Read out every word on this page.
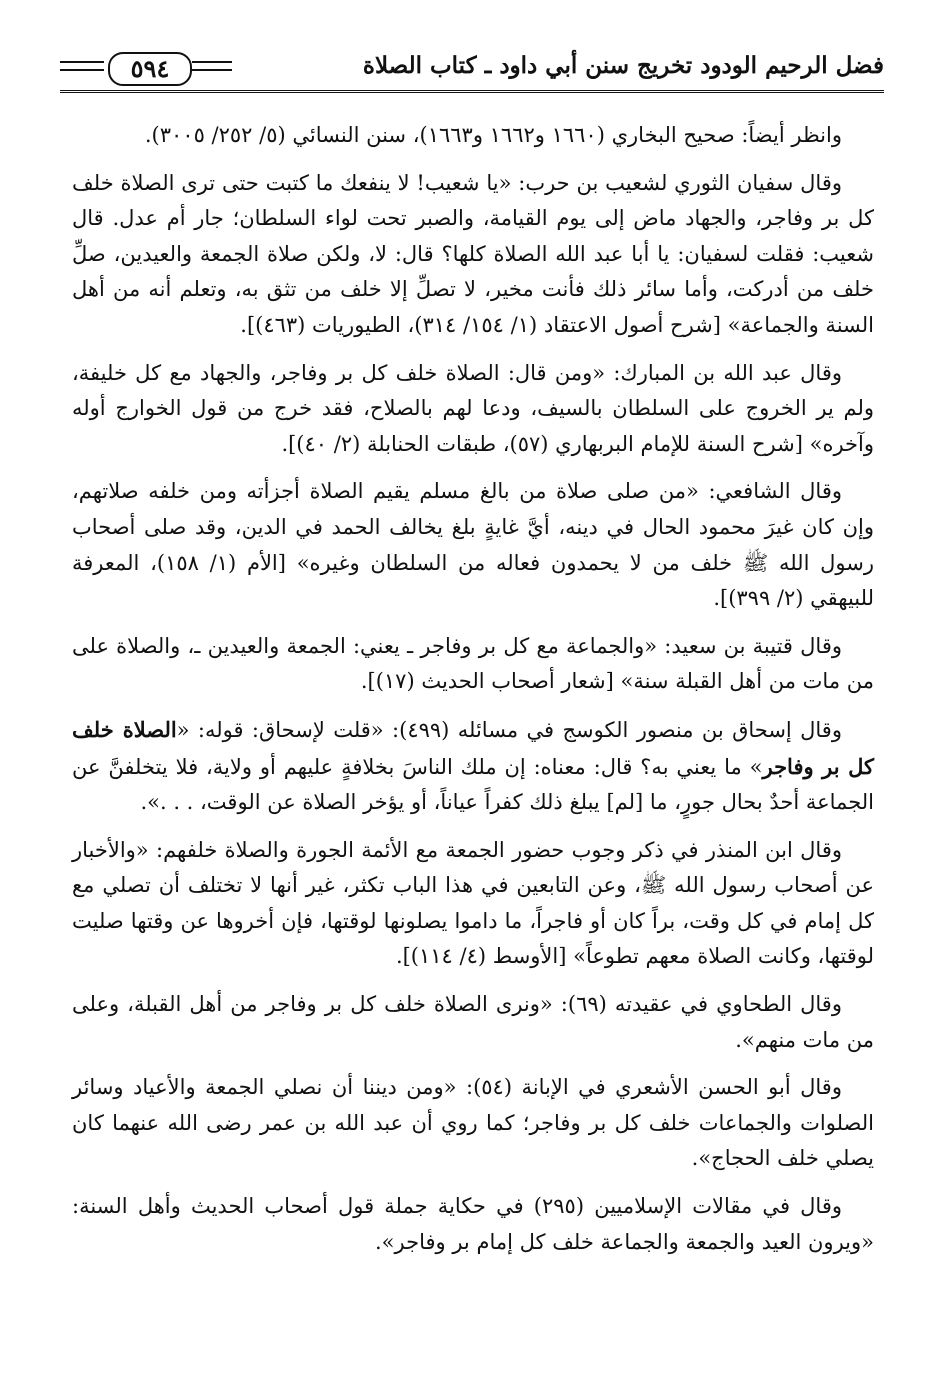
فضل الرحيم الودود تخريج سنن أبي داود ـ كتاب الصلاة
٥٩٤

وانظر أيضاً: صحيح البخاري (١٦٦٠ و١٦٦٢ و١٦٦٣)، سنن النسائي (٥/ ٢٥٢/ ٣٠٠٥).

وقال سفيان الثوري لشعيب بن حرب: «يا شعيب! لا ينفعك ما كتبت حتى ترى الصلاة خلف كل بر وفاجر، والجهاد ماض إلى يوم القيامة، والصبر تحت لواء السلطان؛ جار أم عدل. قال شعيب: فقلت لسفيان: يا أبا عبد الله الصلاة كلها؟ قال: لا، ولكن صلاة الجمعة والعيدين، صلِّ خلف من أدركت، وأما سائر ذلك فأنت مخير، لا تصلِّ إلا خلف من تثق به، وتعلم أنه من أهل السنة والجماعة» [شرح أصول الاعتقاد (١/ ١٥٤/ ٣١٤)، الطيوريات (٤٦٣)].

وقال عبد الله بن المبارك: «ومن قال: الصلاة خلف كل بر وفاجر، والجهاد مع كل خليفة، ولم ير الخروج على السلطان بالسيف، ودعا لهم بالصلاح، فقد خرج من قول الخوارج أوله وآخره» [شرح السنة للإمام البربهاري (٥٧)، طبقات الحنابلة (٢/ ٤٠)].

وقال الشافعي: «من صلى صلاة من بالغ مسلم يقيم الصلاة أجزأته ومن خلفه صلاتهم، وإن كان غيرَ محمود الحال في دينه، أيَّ غايةٍ بلغ يخالف الحمد في الدين، وقد صلى أصحاب رسول الله ﷺ خلف من لا يحمدون فعاله من السلطان وغيره» [الأم (١/ ١٥٨)، المعرفة للبيهقي (٢/ ٣٩٩)].

وقال قتيبة بن سعيد: «والجماعة مع كل بر وفاجر ـ يعني: الجمعة والعيدين ـ، والصلاة على من مات من أهل القبلة سنة» [شعار أصحاب الحديث (١٧)].

وقال إسحاق بن منصور الكوسج في مسائله (٤٩٩): «قلت لإسحاق: قوله: «الصلاة خلف كل بر وفاجر» ما يعني به؟ قال: معناه: إن ملك الناسَ بخلافةٍ عليهم أو ولاية، فلا يتخلفنَّ عن الجماعة أحدٌ بحال جورٍ، ما [لم] يبلغ ذلك كفراً عياناً، أو يؤخر الصلاة عن الوقت، . . .».

وقال ابن المنذر في ذكر وجوب حضور الجمعة مع الأئمة الجورة والصلاة خلفهم: «والأخبار عن أصحاب رسول الله ﷺ، وعن التابعين في هذا الباب تكثر، غير أنها لا تختلف أن تصلي مع كل إمام في كل وقت، براً كان أو فاجراً، ما داموا يصلونها لوقتها، فإن أخروها عن وقتها صليت لوقتها، وكانت الصلاة معهم تطوعاً» [الأوسط (٤/ ١١٤)].

وقال الطحاوي في عقيدته (٦٩): «ونرى الصلاة خلف كل بر وفاجر من أهل القبلة، وعلى من مات منهم».

وقال أبو الحسن الأشعري في الإبانة (٥٤): «ومن ديننا أن نصلي الجمعة والأعياد وسائر الصلوات والجماعات خلف كل بر وفاجر؛ كما روي أن عبد الله بن عمر رضى الله عنهما كان يصلي خلف الحجاج».

وقال في مقالات الإسلاميين (٢٩٥) في حكاية جملة قول أصحاب الحديث وأهل السنة: «ويرون العيد والجمعة والجماعة خلف كل إمام بر وفاجر».
